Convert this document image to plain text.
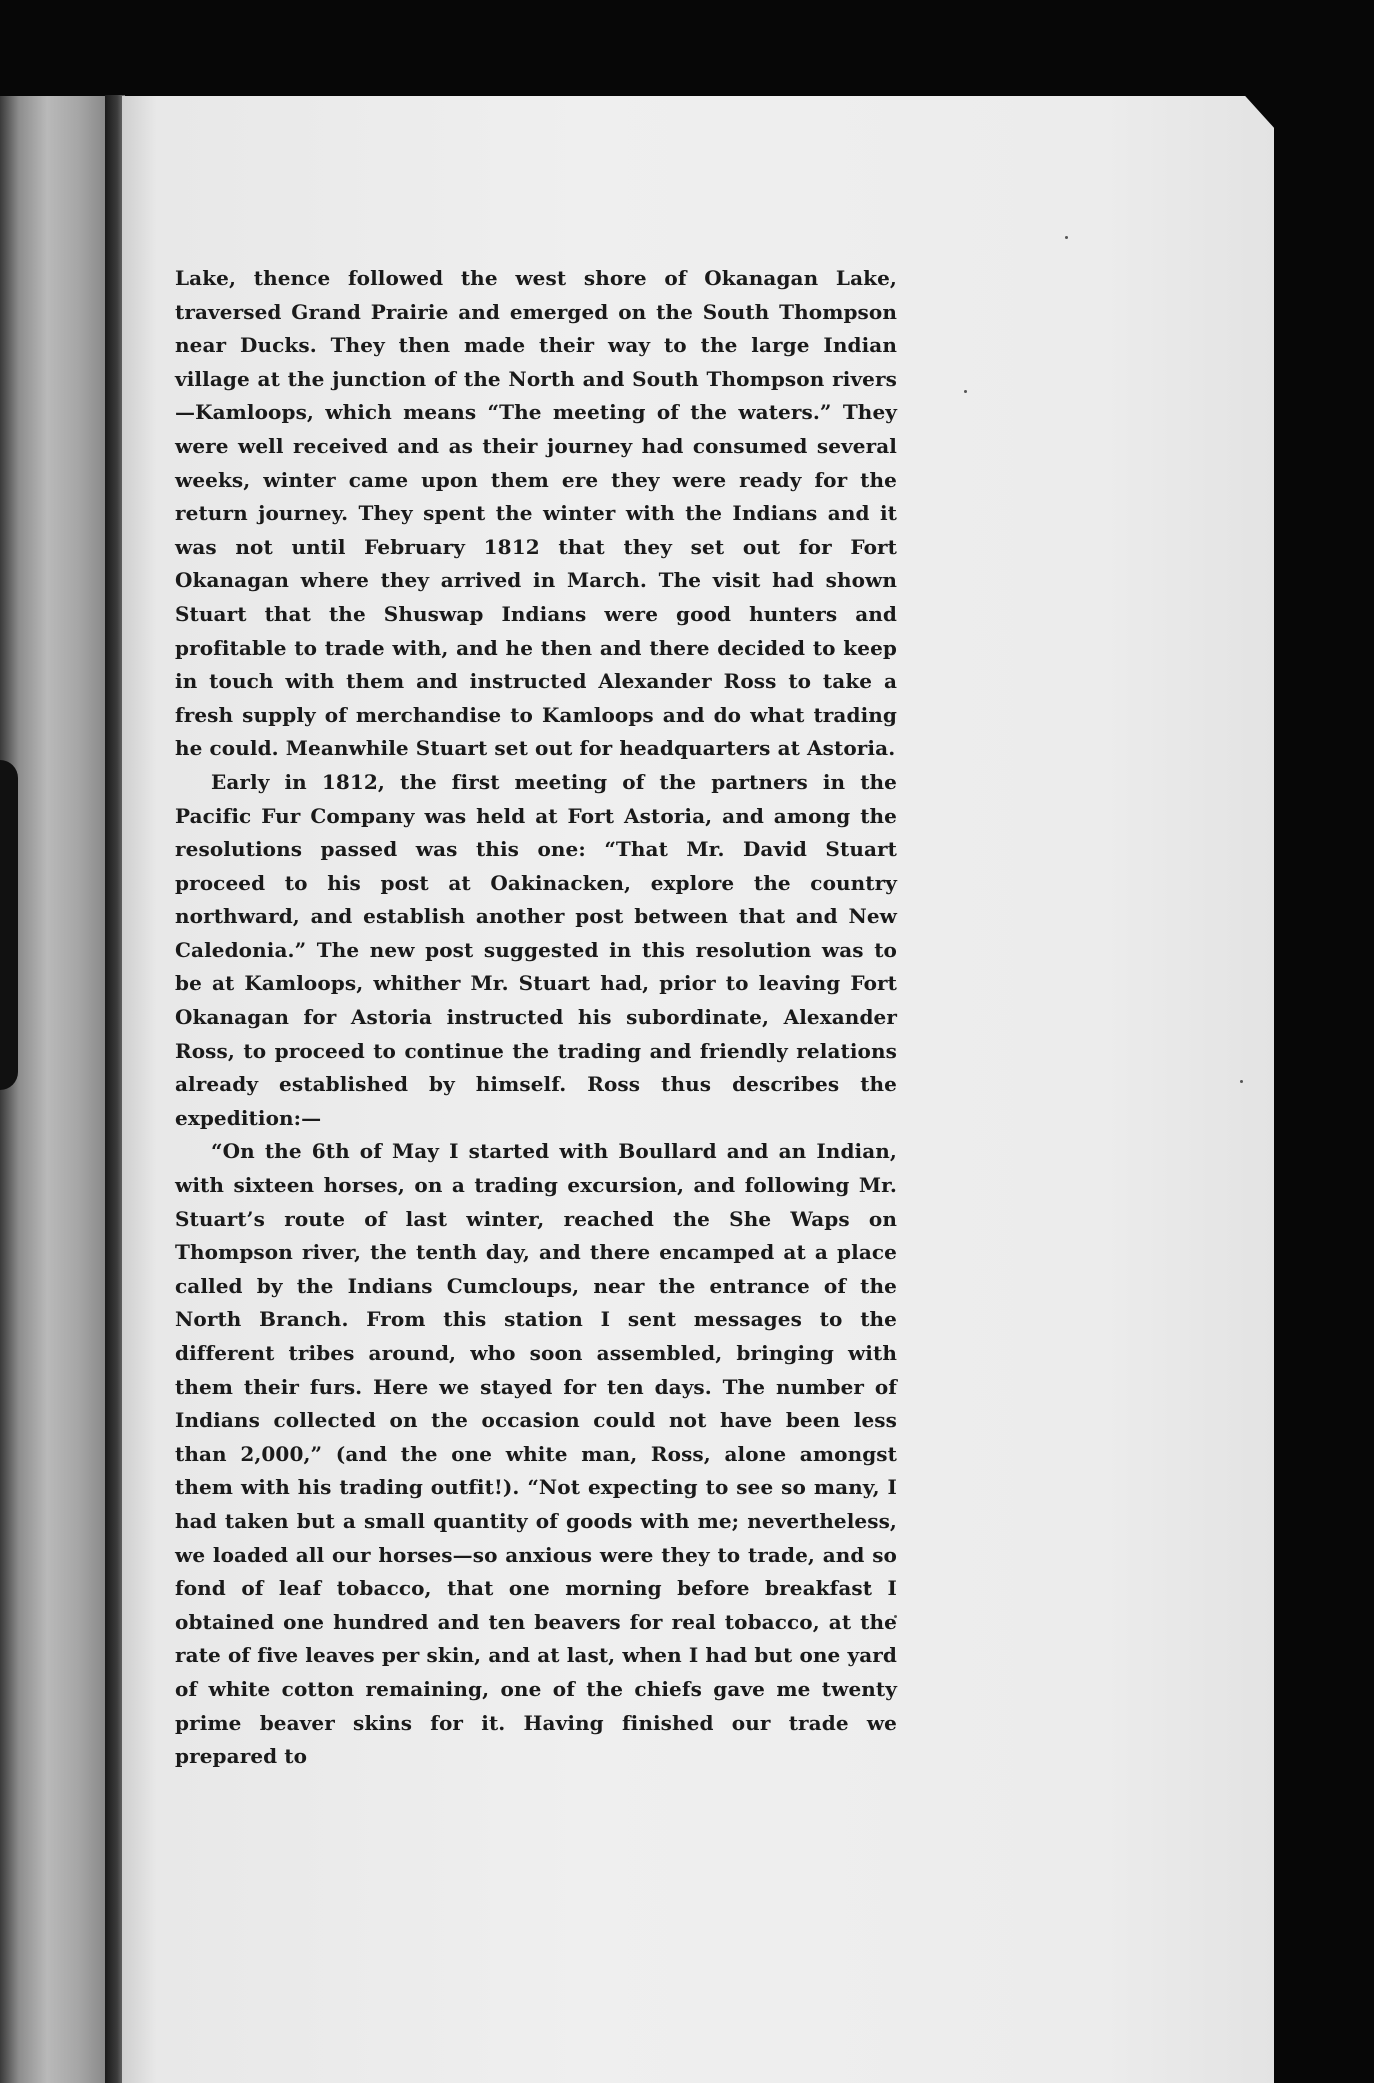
Lake, thence followed the west shore of Okanagan Lake, traversed Grand Prairie and emerged on the South Thompson near Ducks. They then made their way to the large Indian village at the junction of the North and South Thompson rivers—Kamloops, which means “The meeting of the waters.” They were well received and as their journey had consumed several weeks, winter came upon them ere they were ready for the return journey. They spent the winter with the Indians and it was not until February 1812 that they set out for Fort Okanagan where they arrived in March. The visit had shown Stuart that the Shuswap Indians were good hunters and profitable to trade with, and he then and there decided to keep in touch with them and instructed Alexander Ross to take a fresh supply of merchandise to Kamloops and do what trading he could. Meanwhile Stuart set out for headquarters at Astoria.

Early in 1812, the first meeting of the partners in the Pacific Fur Company was held at Fort Astoria, and among the resolutions passed was this one: “That Mr. David Stuart proceed to his post at Oakinacken, explore the country northward, and establish another post between that and New Caledonia.” The new post suggested in this resolution was to be at Kamloops, whither Mr. Stuart had, prior to leaving Fort Okanagan for Astoria instructed his subordinate, Alexander Ross, to proceed to continue the trading and friendly relations already established by himself. Ross thus describes the expedition:—

“On the 6th of May I started with Boullard and an Indian, with sixteen horses, on a trading excursion, and following Mr. Stuart’s route of last winter, reached the She Waps on Thompson river, the tenth day, and there encamped at a place called by the Indians Cumcloups, near the entrance of the North Branch. From this station I sent messages to the different tribes around, who soon assembled, bringing with them their furs. Here we stayed for ten days. The number of Indians collected on the occasion could not have been less than 2,000,” (and the one white man, Ross, alone amongst them with his trading outfit!). “Not expecting to see so many, I had taken but a small quantity of goods with me; nevertheless, we loaded all our horses—so anxious were they to trade, and so fond of leaf tobacco, that one morning before breakfast I obtained one hundred and ten beavers for real tobacco, at the rate of five leaves per skin, and at last, when I had but one yard of white cotton remaining, one of the chiefs gave me twenty prime beaver skins for it. Having finished our trade we prepared to
